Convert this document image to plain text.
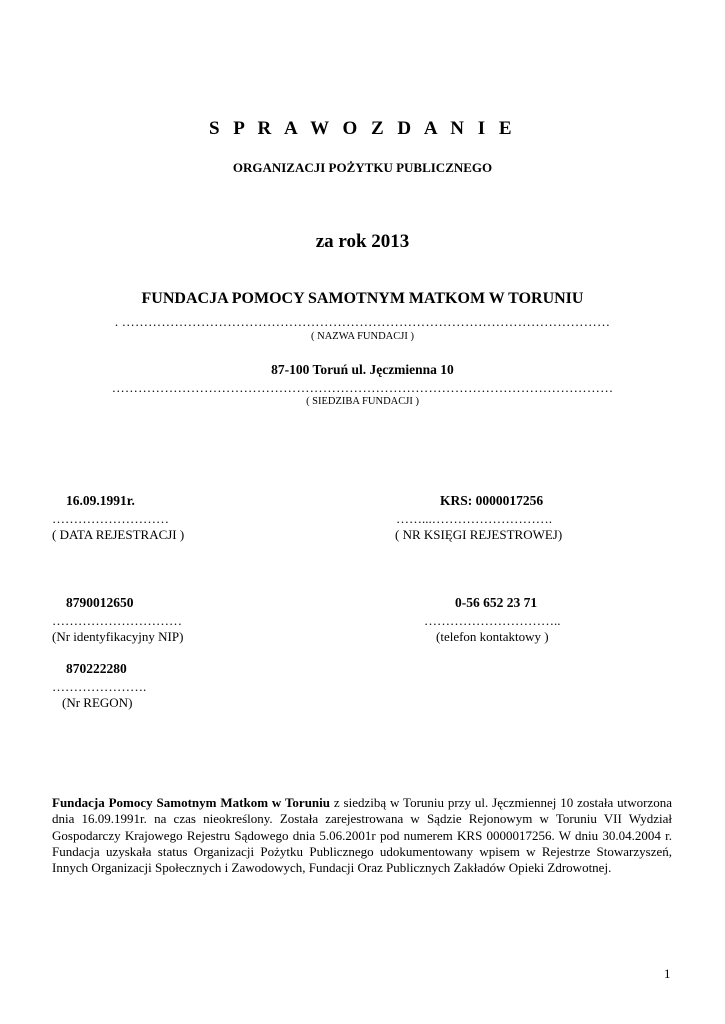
S P R A W O Z D A N I E
ORGANIZACJI POŻYTKU PUBLICZNEGO
za rok 2013
FUNDACJA POMOCY SAMOTNYM MATKOM W TORUNIU
. …………………………………………………………………………………………………
( NAZWA FUNDACJI )
87-100 Toruń ul. Jęczmienna 10
……………………………………………………………………………………………………
( SIEDZIBA FUNDACJI )
16.09.1991r.
………………………
( DATA REJESTRACJI )
KRS: 0000017256
……...……………………….
( NR KSIĘGI REJESTROWEJ)
8790012650
…………………………
(Nr identyfikacyjny NIP)
0-56 652 23 71
…………………………..
(telefon kontaktowy )
870222280
………………….
(Nr REGON)
Fundacja Pomocy Samotnym Matkom w Toruniu z siedzibą w Toruniu przy ul. Jęczmiennej 10 została utworzona dnia 16.09.1991r. na czas nieokreślony. Została zarejestrowana w Sądzie Rejonowym w Toruniu VII Wydział Gospodarczy Krajowego Rejestru Sądowego dnia 5.06.2001r pod numerem KRS 0000017256. W dniu 30.04.2004 r. Fundacja uzyskała status Organizacji Pożytku Publicznego udokumentowany wpisem w Rejestrze Stowarzyszeń, Innych Organizacji Społecznych i Zawodowych, Fundacji Oraz Publicznych Zakładów Opieki Zdrowotnej.
1
